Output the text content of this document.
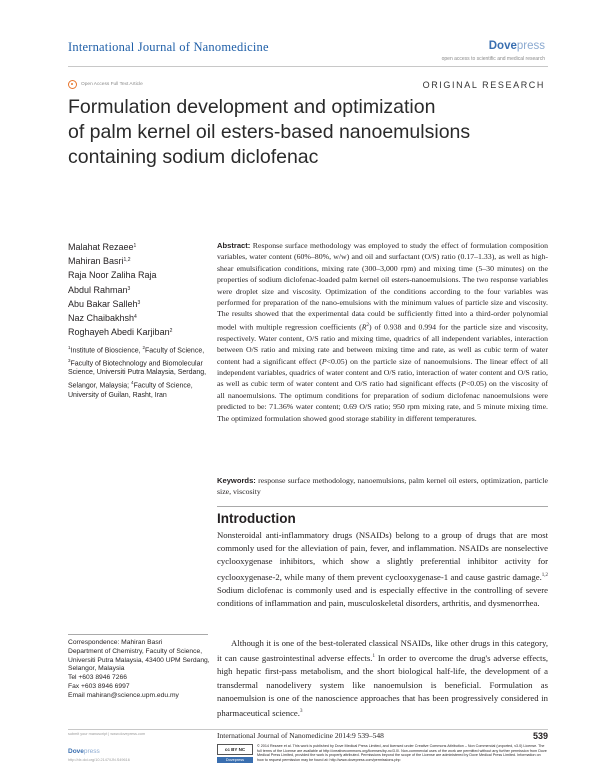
International Journal of Nanomedicine	Dovepress
open access to scientific and medical research
Open Access Full Text Article	ORIGINAL RESEARCH
Formulation development and optimization
of palm kernel oil esters-based nanoemulsions
containing sodium diclofenac
Malahat Rezaee$^1$
Mahiran Basri$^{1,2}$
Raja Noor Zaliha Raja
Abdul Rahman$^3$
Abu Bakar Salleh$^3$
Naz Chaibakhsh$^4$
Roghayeh Abedi Karjiban$^2$
$^1$Institute of Bioscience, $^2$Faculty of Science, $^3$Faculty of Biotechnology and Biomolecular Science, Universiti Putra Malaysia, Serdang, Selangor, Malaysia; $^4$Faculty of Science, University of Guilan, Rasht, Iran
Abstract: Response surface methodology was employed to study the effect of formulation composition variables, water content (60%–80%, w/w) and oil and surfactant (O/S) ratio (0.17–1.33), as well as high-shear emulsification conditions, mixing rate (300–3,000 rpm) and mixing time (5–30 minutes) on the properties of sodium diclofenac-loaded palm kernel oil esters-nanoemulsions. The two response variables were droplet size and viscosity. Optimization of the conditions according to the four variables was performed for preparation of the nano-emulsions with the minimum values of particle size and viscosity. The results showed that the experimental data could be sufficiently fitted into a third-order polynomial model with multiple regression coefficients $(R^2)$ of 0.938 and 0.994 for the particle size and viscosity, respectively. Water content, O/S ratio and mixing time, quadrics of all independent variables, interaction between O/S ratio and mixing rate and between mixing time and rate, as well as cubic term of water content had a significant effect (P<0.05) on the particle size of nanoemulsions. The linear effect of all independent variables, quadrics of water content and O/S ratio, interaction of water content and O/S ratio, as well as cubic term of water content and O/S ratio had significant effects (P<0.05) on the viscosity of all nanoemulsions. The optimum conditions for preparation of sodium diclofenac nanoemulsions were predicted to be: 71.36% water content; 0.69 O/S ratio; 950 rpm mixing rate, and 5 minute mixing time. The optimized formulation showed good storage stability in different temperatures.
Keywords: response surface methodology, nanoemulsions, palm kernel oil esters, optimization, particle size, viscosity
Introduction
Nonsteroidal anti-inflammatory drugs (NSAIDs) belong to a group of drugs that are most commonly used for the alleviation of pain, fever, and inflammation. NSAIDs are nonselective cyclooxygenase inhibitors, which show a slightly preferential inhibitor activity for cyclooxygenase-2, while many of them prevent cyclooxygenase-1 and cause gastric damage.$^{1,2}$ Sodium diclofenac is commonly used and is especially effective in the controlling of severe conditions of inflammation and pain, musculoskeletal disorders, arthritis, and dysmenorrhea.
Although it is one of the best-tolerated classical NSAIDs, like other drugs in this category, it can cause gastrointestinal adverse effects.$^1$ In order to overcome the drug's adverse effects, high hepatic first-pass metabolism, and the short biological half-life, the development of a transdermal nanodelivery system like nanoemulsion is beneficial. Formulation as nanoemulsion is one of the nanoscience approaches that has been progressively considered in pharmaceutical science.$^3$
Correspondence: Mahiran Basri
Department of Chemistry, Faculty of Science, Universiti Putra Malaysia, 43400 UPM Serdang, Selangor, Malaysia
Tel +603 8946 7266
Fax +603 8946 6997
Email mahiran@science.upm.edu.my
International Journal of Nanomedicine 2014:9 539–548	539
submit your manuscript | www.dovepress.com
Dovepress
http://dx.doi.org/10.2147/IJN.S49616
cc BY NC
Dovepress
© 2014 Rezaee et al. This work is published by Dove Medical Press Limited, and licensed under Creative Commons Attribution – Non Commercial (unported, v3.0) License. The full terms of the License are available at http://creativecommons.org/licenses/by-nc/3.0/. Non-commercial uses of the work are permitted without any further permission from Dove Medical Press Limited, provided the work is properly attributed. Permissions beyond the scope of the License are administered by Dove Medical Press Limited. Information on how to request permission may be found at: http://www.dovepress.com/permissions.php
